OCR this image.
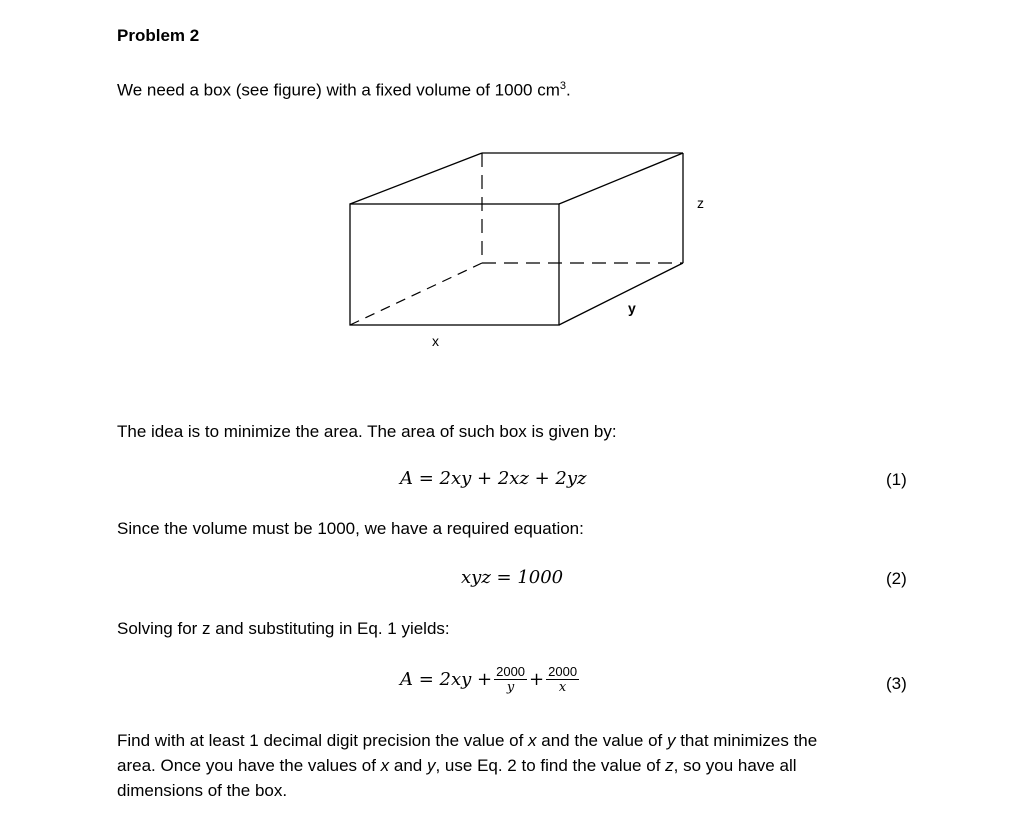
Problem 2
We need a box (see figure) with a fixed volume of 1000 $cm^3$.
x
y
z
The idea is to minimize the area. The area of such box is given by:
A = 2xy + 2xz + 2yz	(1)
Since the volume must be 1000, we have a required equation:
xyz = 1000	(2)
Solving for z and substituting in Eq. 1 yields:
$A = 2xy + \frac{2000}{y} + \frac{2000}{x}$	(3)
Find with at least 1 decimal digit precision the value of x and the value of y that minimizes the
area. Once you have the values of x and y, use Eq. 2 to find the value of z, so you have all
dimensions of the box.
